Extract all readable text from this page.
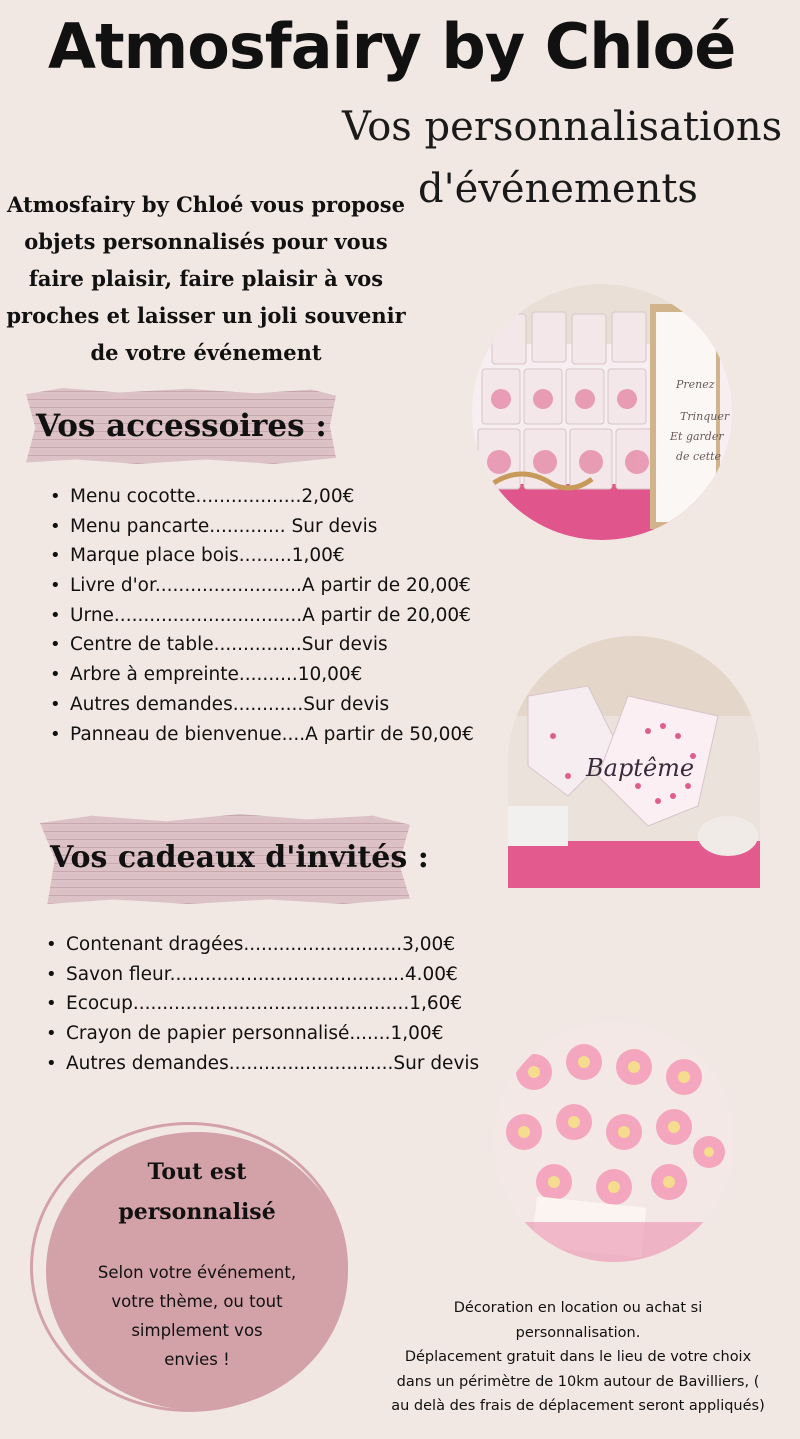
Atmosfairy by Chloé
Vos personnalisations
d'événements
Atmosfairy by Chloé vous propose
objets personnalisés pour vous
faire plaisir, faire plaisir à vos
proches et laisser un joli souvenir
de votre événement
Vos accessoires :
• Menu cocotte..................2,00€
• Menu pancarte............. Sur devis
• Marque place bois.........1,00€
• Livre d'or.........................A partir de 20,00€
• Urne................................A partir de 20,00€
• Centre de table...............Sur devis
• Arbre à empreinte..........10,00€
• Autres demandes............Sur devis
• Panneau de bienvenue....A partir de 50,00€
Prenez
Trinquer
Et garder
de cette !
Baptême
Vos cadeaux d'invités :
• Contenant dragées...........................3,00€
• Savon fleur........................................4.00€
• Ecocup...............................................1,60€
• Crayon de papier personnalisé.......1,00€
• Autres demandes............................Sur devis
Tout est
personnalisé
Selon votre événement,
votre thème, ou tout
simplement vos
envies !
Décoration en location ou achat si
personnalisation.
Déplacement gratuit dans le lieu de votre choix
dans un périmètre de 10km autour de Bavilliers, (
au delà des frais de déplacement seront appliqués)
